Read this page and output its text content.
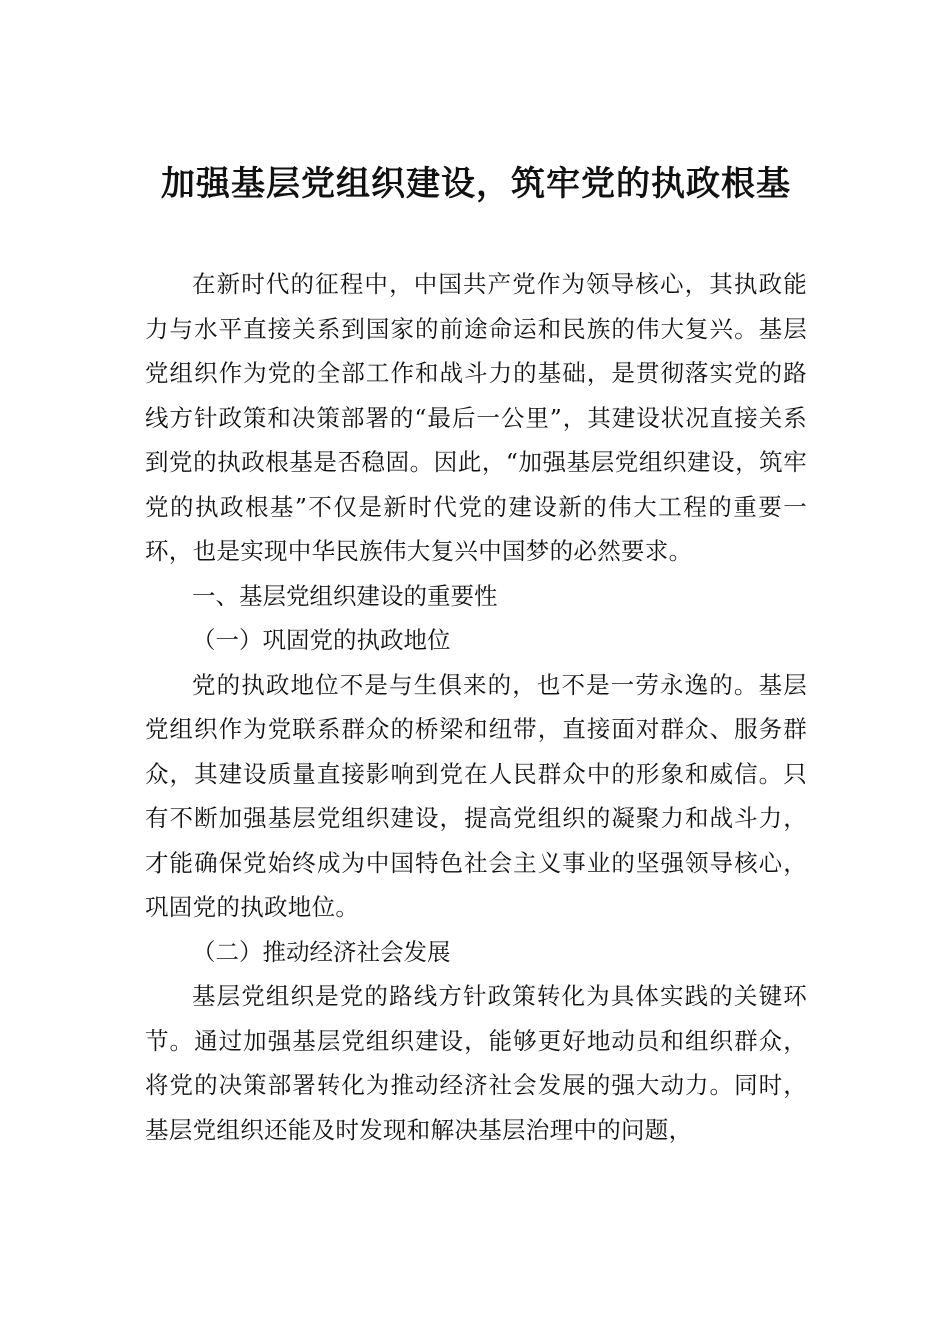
加强基层党组织建设，筑牢党的执政根基

在新时代的征程中，中国共产党作为领导核心，其执政能力与水平直接关系到国家的前途命运和民族的伟大复兴。基层党组织作为党的全部工作和战斗力的基础，是贯彻落实党的路线方针政策和决策部署的“最后一公里”，其建设状况直接关系到党的执政根基是否稳固。因此，“加强基层党组织建设，筑牢党的执政根基”不仅是新时代党的建设新的伟大工程的重要一环，也是实现中华民族伟大复兴中国梦的必然要求。

一、基层党组织建设的重要性

（一）巩固党的执政地位

党的执政地位不是与生俱来的，也不是一劳永逸的。基层党组织作为党联系群众的桥梁和纽带，直接面对群众、服务群众，其建设质量直接影响到党在人民群众中的形象和威信。只有不断加强基层党组织建设，提高党组织的凝聚力和战斗力，才能确保党始终成为中国特色社会主义事业的坚强领导核心，巩固党的执政地位。

（二）推动经济社会发展

基层党组织是党的路线方针政策转化为具体实践的关键环节。通过加强基层党组织建设，能够更好地动员和组织群众，将党的决策部署转化为推动经济社会发展的强大动力。同时，基层党组织还能及时发现和解决基层治理中的问题，
